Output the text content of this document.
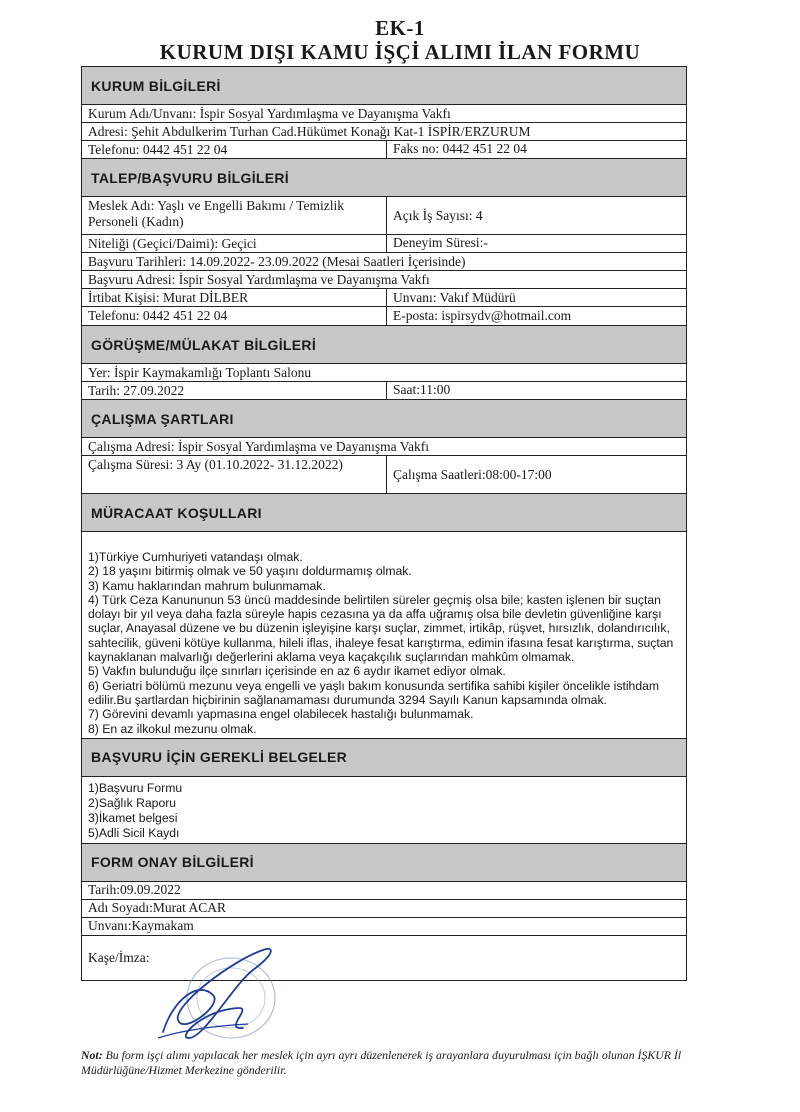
EK-1
KURUM DIŞI KAMU İŞÇİ ALIMI İLAN FORMU
KURUM BİLGİLERİ
Kurum Adı/Unvanı: İspir Sosyal Yardımlaşma ve Dayanışma Vakfı
Adresi: Şehit Abdulkerim Turhan Cad.Hükümet Konağı Kat-1 İSPİR/ERZURUM
Telefonu: 0442 451 22 04	Faks no: 0442 451 22 04
TALEP/BAŞVURU BİLGİLERİ
Meslek Adı: Yaşlı ve Engelli Bakımı / Temizlik Personeli (Kadın)	Açık İş Sayısı: 4
Niteliği (Geçici/Daimi): Geçici	Deneyim Süresi:-
Başvuru Tarihleri: 14.09.2022- 23.09.2022 (Mesai Saatleri İçerisinde)
Başvuru Adresi: İspir Sosyal Yardımlaşma ve Dayanışma Vakfı
İrtibat Kişisi: Murat DİLBER	Unvanı: Vakıf Müdürü
Telefonu: 0442 451 22 04	E-posta: ispirsydv@hotmail.com
GÖRÜŞME/MÜLAKAT BİLGİLERİ
Yer: İspir Kaymakamlığı Toplantı Salonu
Tarih: 27.09.2022	Saat:11:00
ÇALIŞMA ŞARTLARI
Çalışma Adresi: İspir Sosyal Yardımlaşma ve Dayanışma Vakfı
Çalışma Süresi: 3 Ay (01.10.2022- 31.12.2022)
Çalışma Saatleri:08:00-17:00
MÜRACAAT KOŞULLARI
1)Türkiye Cumhuriyeti vatandaşı olmak.
2) 18 yaşını bitirmiş olmak ve 50 yaşını doldurmamış olmak.
3) Kamu haklarından mahrum bulunmamak.
4) Türk Ceza Kanununun 53 üncü maddesinde belirtilen süreler geçmiş olsa bile; kasten işlenen bir suçtan dolayı bir yıl veya daha fazla süreyle hapis cezasına ya da affa uğramış olsa bile devletin güvenliğine karşı suçlar, Anayasal düzene ve bu düzenin işleyişine karşı suçlar, zimmet, irtikâp, rüşvet, hırsızlık, dolandırıcılık, sahtecilik, güveni kötüye kullanma, hileli iflas, ihaleye fesat karıştırma, edimin ifasına fesat karıştırma, suçtan kaynaklanan malvarlığı değerlerini aklama veya kaçakçılık suçlarından mahkûm olmamak.
5) Vakfın bulunduğu ilçe sınırları içerisinde en az 6 aydır ikamet ediyor olmak.
6) Geriatri bölümü mezunu veya engelli ve yaşlı bakım konusunda sertifika sahibi kişiler öncelikle istihdam edilir.Bu şartlardan hiçbirinin sağlanamaması durumunda 3294 Sayılı Kanun kapsamında olmak.
7) Görevini devamlı yapmasına engel olabilecek hastalığı bulunmamak.
8) En az ilkokul mezunu olmak.
BAŞVURU İÇİN GEREKLİ BELGELER
1)Başvuru Formu
2)Sağlık Raporu
3)İkamet belgesi
5)Adli Sicil Kaydı
FORM ONAY BİLGİLERİ
Tarih:09.09.2022
Adı Soyadı:Murat ACAR
Unvanı:Kaymakam
Kaşe/İmza:
Not: Bu form işçi alımı yapılacak her meslek için ayrı ayrı düzenlenerek iş arayanlara duyurulması için bağlı olunan İŞKUR İl Müdürlüğüne/Hizmet Merkezine gönderilir.
